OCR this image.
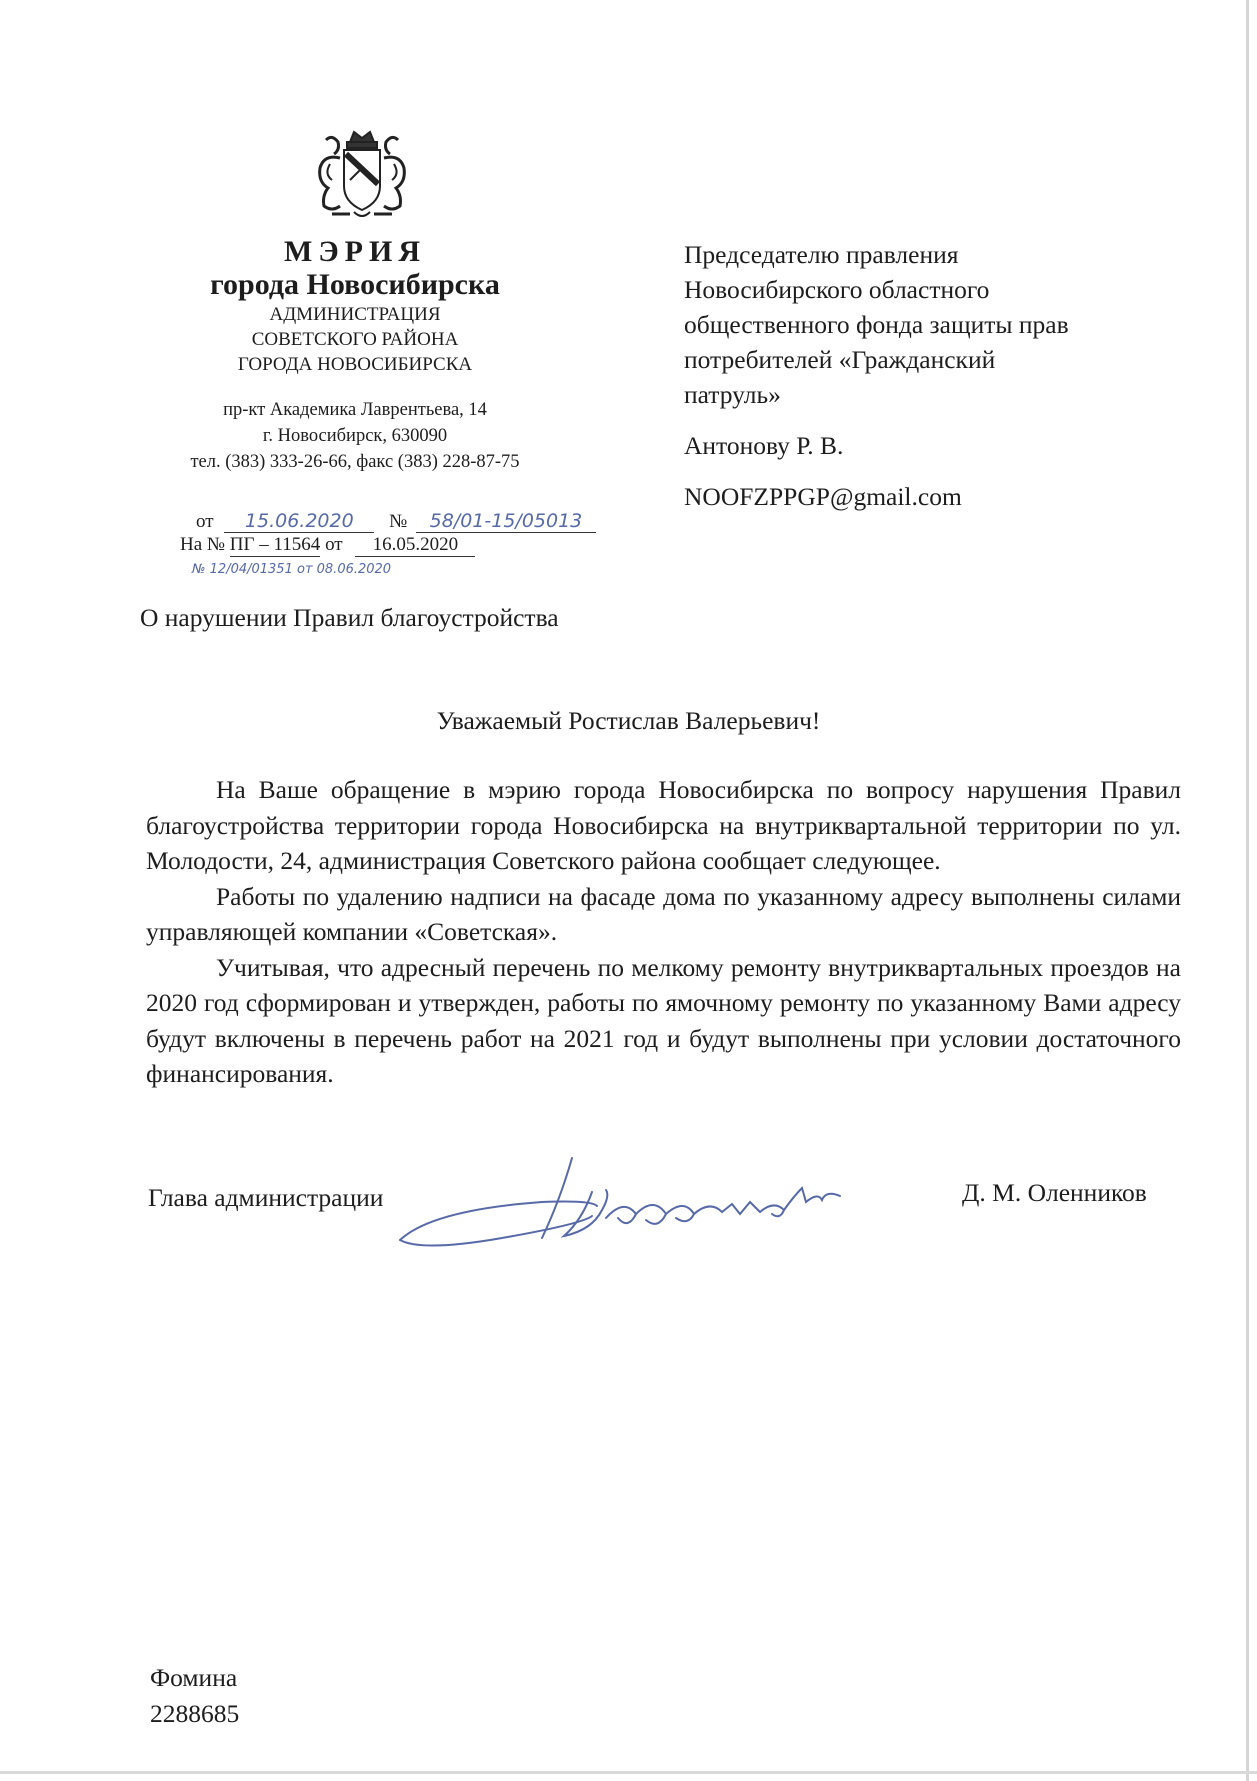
МЭРИЯ
города Новосибирска
АДМИНИСТРАЦИЯ
СОВЕТСКОГО РАЙОНА
ГОРОДА НОВОСИБИРСКА
пр-кт Академика Лаврентьева, 14
г. Новосибирск, 630090
тел. (383) 333-26-66, факс (383) 228-87-75
от 15.06.2020 № 58/01-15/05013
На № ПГ – 11564 от 16.05.2020
№ 12/04/01351 от 08.06.2020
Председателю правления
Новосибирского областного
общественного фонда защиты прав
потребителей «Гражданский
патруль»
Антонову Р. В.
NOOFZPPGP@gmail.com
О нарушении Правил благоустройства
Уважаемый Ростислав Валерьевич!

На Ваше обращение в мэрию города Новосибирска по вопросу нарушения Правил благоустройства территории города Новосибирска на внутриквартальной территории по ул. Молодости, 24, администрация Советского района сообщает следующее.

Работы по удалению надписи на фасаде дома по указанному адресу выполнены силами управляющей компании «Советская».

Учитывая, что адресный перечень по мелкому ремонту внутриквартальных проездов на 2020 год сформирован и утвержден, работы по ямочному ремонту по указанному Вами адресу будут включены в перечень работ на 2021 год и будут выполнены при условии достаточного финансирования.

Глава администрации	Д. М. Оленников
Фомина
2288685
